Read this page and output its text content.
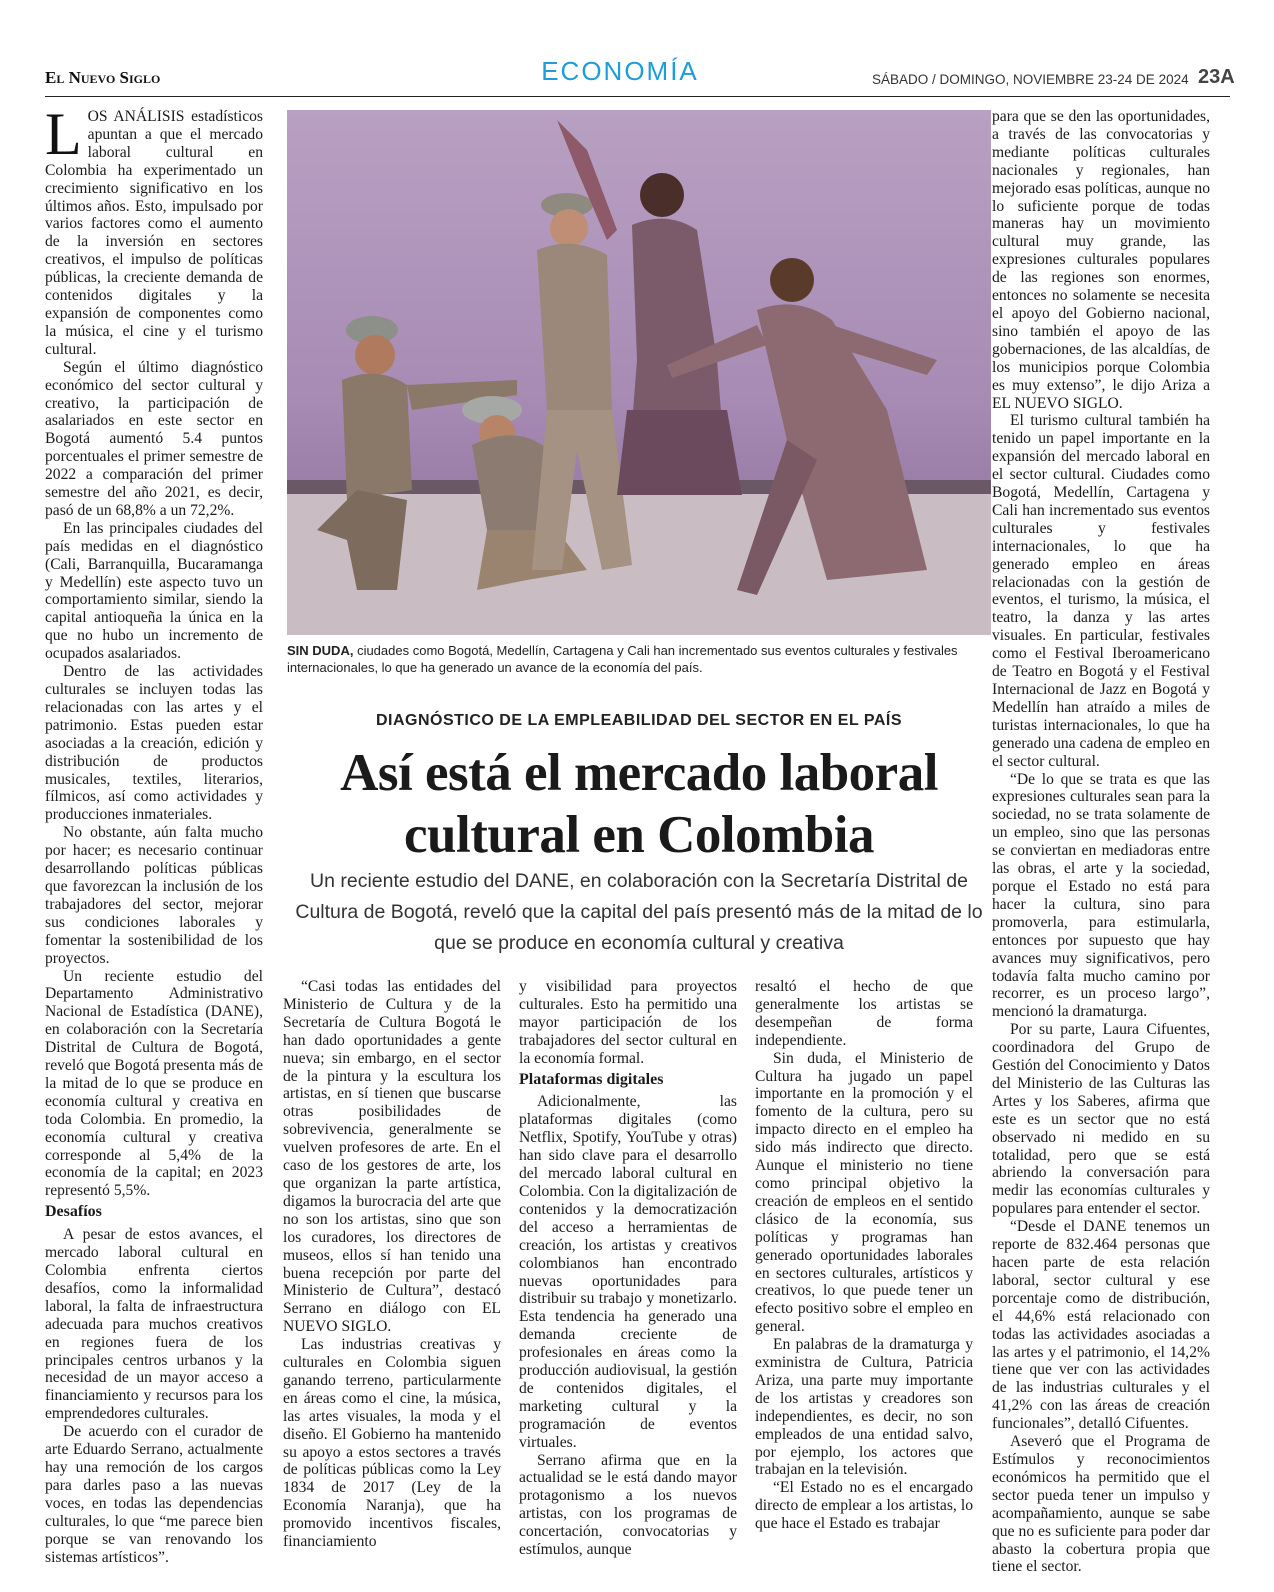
El Nuevo Siglo	ECONOMÍA	SÁBADO / DOMINGO, NOVIEMBRE 23-24 DE 2024 23A

LOS ANÁLISIS estadísticos apuntan a que el mercado laboral cultural en Colombia ha experimentado un crecimiento significativo en los últimos años. Esto, impulsado por varios factores como el aumento de la inversión en sectores creativos, el impulso de políticas públicas, la creciente demanda de contenidos digitales y la expansión de componentes como la música, el cine y el turismo cultural.

Según el último diagnóstico económico del sector cultural y creativo, la participación de asalariados en este sector en Bogotá aumentó 5.4 puntos porcentuales el primer semestre de 2022 a comparación del primer semestre del año 2021, es decir, pasó de un 68,8% a un 72,2%.

En las principales ciudades del país medidas en el diagnóstico (Cali, Barranquilla, Bucaramanga y Medellín) este aspecto tuvo un comportamiento similar, siendo la capital antioqueña la única en la que no hubo un incremento de ocupados asalariados.

Dentro de las actividades culturales se incluyen todas las relacionadas con las artes y el patrimonio. Estas pueden estar asociadas a la creación, edición y distribución de productos musicales, textiles, literarios, fílmicos, así como actividades y producciones inmateriales.

No obstante, aún falta mucho por hacer; es necesario continuar desarrollando políticas públicas que favorezcan la inclusión de los trabajadores del sector, mejorar sus condiciones laborales y fomentar la sostenibilidad de los proyectos.

Un reciente estudio del Departamento Administrativo Nacional de Estadística (DANE), en colaboración con la Secretaría Distrital de Cultura de Bogotá, reveló que Bogotá presenta más de la mitad de lo que se produce en economía cultural y creativa en toda Colombia. En promedio, la economía cultural y creativa corresponde al 5,4% de la economía de la capital; en 2023 representó 5,5%.

Desafíos

A pesar de estos avances, el mercado laboral cultural en Colombia enfrenta ciertos desafíos, como la informalidad laboral, la falta de infraestructura adecuada para muchos creativos en regiones fuera de los principales centros urbanos y la necesidad de un mayor acceso a financiamiento y recursos para los emprendedores culturales.

De acuerdo con el curador de arte Eduardo Serrano, actualmente hay una remoción de los cargos para darles paso a las nuevas voces, en todas las dependencias culturales, lo que “me parece bien porque se van renovando los sistemas artísticos”.

SIN DUDA, ciudades como Bogotá, Medellín, Cartagena y Cali han incrementado sus eventos culturales y festivales internacionales, lo que ha generado un avance de la economía del país.
DIAGNÓSTICO DE LA EMPLEABILIDAD DEL SECTOR EN EL PAÍS
Así está el mercado laboral
cultural en Colombia
Un reciente estudio del DANE, en colaboración con la Secretaría Distrital de Cultura de Bogotá, reveló que la capital del país presentó más de la mitad de lo que se produce en economía cultural y creativa

“Casi todas las entidades del Ministerio de Cultura y de la Secretaría de Cultura Bogotá le han dado oportunidades a gente nueva; sin embargo, en el sector de la pintura y la escultura los artistas, en sí tienen que buscarse otras posibilidades de sobrevivencia, generalmente se vuelven profesores de arte. En el caso de los gestores de arte, los que organizan la parte artística, digamos la burocracia del arte que no son los artistas, sino que son los curadores, los directores de museos, ellos sí han tenido una buena recepción por parte del Ministerio de Cultura”, destacó Serrano en diálogo con EL NUEVO SIGLO.

Las industrias creativas y culturales en Colombia siguen ganando terreno, particularmente en áreas como el cine, la música, las artes visuales, la moda y el diseño. El Gobierno ha mantenido su apoyo a estos sectores a través de políticas públicas como la Ley 1834 de 2017 (Ley de la Economía Naranja), que ha promovido incentivos fiscales, financiamiento

y visibilidad para proyectos culturales. Esto ha permitido una mayor participación de los trabajadores del sector cultural en la economía formal.

Plataformas digitales

Adicionalmente, las plataformas digitales (como Netflix, Spotify, YouTube y otras) han sido clave para el desarrollo del mercado laboral cultural en Colombia. Con la digitalización de contenidos y la democratización del acceso a herramientas de creación, los artistas y creativos colombianos han encontrado nuevas oportunidades para distribuir su trabajo y monetizarlo. Esta tendencia ha generado una demanda creciente de profesionales en áreas como la producción audiovisual, la gestión de contenidos digitales, el marketing cultural y la programación de eventos virtuales.

Serrano afirma que en la actualidad se le está dando mayor protagonismo a los nuevos artistas, con los programas de concertación, convocatorias y estímulos, aunque

resaltó el hecho de que generalmente los artistas se desempeñan de forma independiente.

Sin duda, el Ministerio de Cultura ha jugado un papel importante en la promoción y el fomento de la cultura, pero su impacto directo en el empleo ha sido más indirecto que directo. Aunque el ministerio no tiene como principal objetivo la creación de empleos en el sentido clásico de la economía, sus políticas y programas han generado oportunidades laborales en sectores culturales, artísticos y creativos, lo que puede tener un efecto positivo sobre el empleo en general.

En palabras de la dramaturga y exministra de Cultura, Patricia Ariza, una parte muy importante de los artistas y creadores son independientes, es decir, no son empleados de una entidad salvo, por ejemplo, los actores que trabajan en la televisión.

“El Estado no es el encargado directo de emplear a los artistas, lo que hace el Estado es trabajar

para que se den las oportunidades, a través de las convocatorias y mediante políticas culturales nacionales y regionales, han mejorado esas políticas, aunque no lo suficiente porque de todas maneras hay un movimiento cultural muy grande, las expresiones culturales populares de las regiones son enormes, entonces no solamente se necesita el apoyo del Gobierno nacional, sino también el apoyo de las gobernaciones, de las alcaldías, de los municipios porque Colombia es muy extenso”, le dijo Ariza a EL NUEVO SIGLO.

El turismo cultural también ha tenido un papel importante en la expansión del mercado laboral en el sector cultural. Ciudades como Bogotá, Medellín, Cartagena y Cali han incrementado sus eventos culturales y festivales internacionales, lo que ha generado empleo en áreas relacionadas con la gestión de eventos, el turismo, la música, el teatro, la danza y las artes visuales. En particular, festivales como el Festival Iberoamericano de Teatro en Bogotá y el Festival Internacional de Jazz en Bogotá y Medellín han atraído a miles de turistas internacionales, lo que ha generado una cadena de empleo en el sector cultural.

“De lo que se trata es que las expresiones culturales sean para la sociedad, no se trata solamente de un empleo, sino que las personas se conviertan en mediadoras entre las obras, el arte y la sociedad, porque el Estado no está para hacer la cultura, sino para promoverla, para estimularla, entonces por supuesto que hay avances muy significativos, pero todavía falta mucho camino por recorrer, es un proceso largo”, mencionó la dramaturga.

Por su parte, Laura Cifuentes, coordinadora del Grupo de Gestión del Conocimiento y Datos del Ministerio de las Culturas las Artes y los Saberes, afirma que este es un sector que no está observado ni medido en su totalidad, pero que se está abriendo la conversación para medir las economías culturales y populares para entender el sector.

“Desde el DANE tenemos un reporte de 832.464 personas que hacen parte de esta relación laboral, sector cultural y ese porcentaje como de distribución, el 44,6% está relacionado con todas las actividades asociadas a las artes y el patrimonio, el 14,2% tiene que ver con las actividades de las industrias culturales y el 41,2% con las áreas de creación funcionales”, detalló Cifuentes.

Aseveró que el Programa de Estímulos y reconocimientos económicos ha permitido que el sector pueda tener un impulso y acompañamiento, aunque se sabe que no es suficiente para poder dar abasto la cobertura propia que tiene el sector.
